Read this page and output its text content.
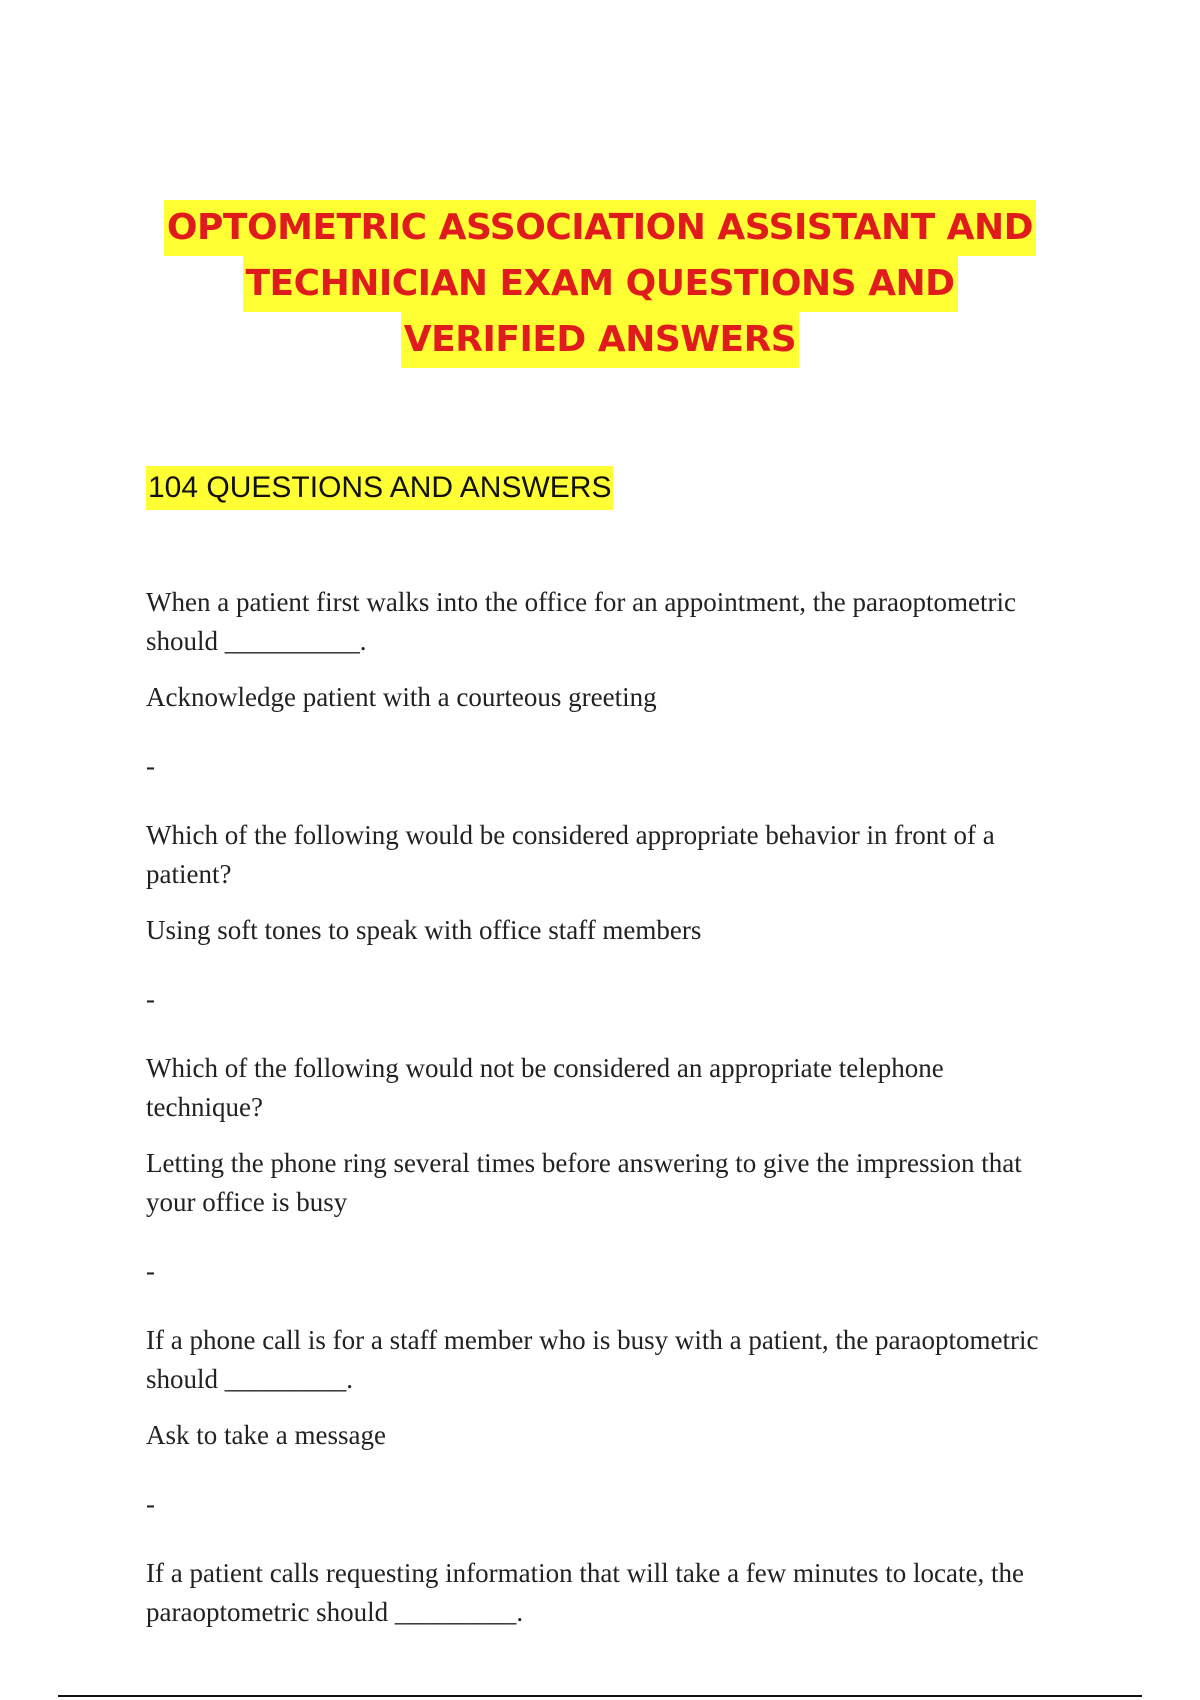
OPTOMETRIC ASSOCIATION ASSISTANT AND
TECHNICIAN EXAM QUESTIONS AND
VERIFIED ANSWERS
104 QUESTIONS AND ANSWERS

When a patient first walks into the office for an appointment, the paraoptometric should __________.

Acknowledge patient with a courteous greeting

-

Which of the following would be considered appropriate behavior in front of a patient?

Using soft tones to speak with office staff members

-

Which of the following would not be considered an appropriate telephone technique?

Letting the phone ring several times before answering to give the impression that your office is busy

-

If a phone call is for a staff member who is busy with a patient, the paraoptometric should _________.

Ask to take a message

-

If a patient calls requesting information that will take a few minutes to locate, the paraoptometric should _________.
